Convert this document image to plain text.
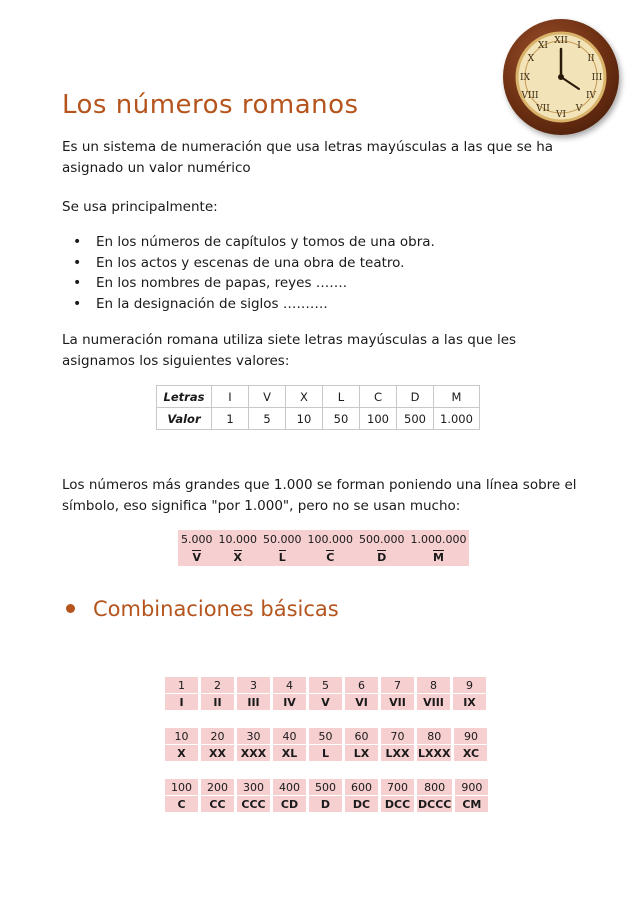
XII I
II
III
IV
V
VI
VII
VIII
IX
X
XI
Los números romanos
Es un sistema de numeración que usa letras mayúsculas a las que se ha asignado un valor numérico
Se usa principalmente:
• En los números de capítulos y tomos de una obra.
• En los actos y escenas de una obra de teatro.
• En los nombres de papas, reyes …….
• En la designación de siglos ……….
La numeración romana utiliza siete letras mayúsculas a las que les asignamos los siguientes valores:
Letras	I	V	X	L	C	D	M
Valor	1	5	10	50	100	500	1.000
Los números más grandes que 1.000 se forman poniendo una línea sobre el símbolo, eso significa "por 1.000", pero no se usan mucho:
5.000	10.000	50.000	100.000	500.000	1.000.000
V	X	L	C	D	M
Combinaciones básicas
1	2	3	4	5	6	7	8	9
I	II	III	IV	V	VI	VII	VIII	IX
10	20	30	40	50	60	70	80	90
X	XX	XXX	XL	L	LX	LXX	LXXX	XC
100	200	300	400	500	600	700	800	900
C	CC	CCC	CD	D	DC	DCC	DCCC	CM
